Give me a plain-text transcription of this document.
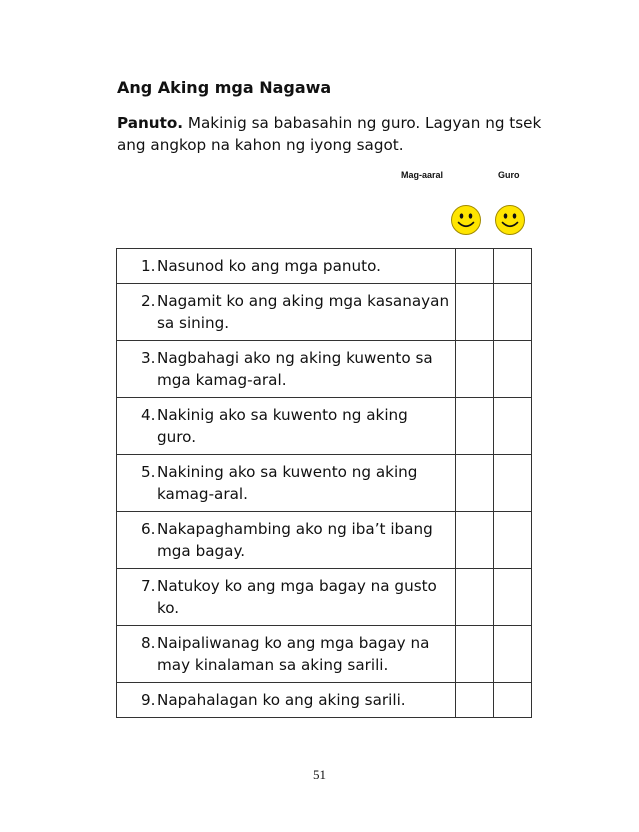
Ang Aking mga Nagawa
Panuto. Makinig sa babasahin ng guro. Lagyan ng tsek ang angkop na kahon ng iyong sagot.
Mag-aaral	Guro
1. Nasunod ko ang mga panuto.		

2. Nagamit ko ang aking mga kasanayan sa sining.		

3. Nagbahagi ako ng aking kuwento sa mga kamag-aral.		

4. Nakinig ako sa kuwento ng aking guro.		

5. Nakining ako sa kuwento ng aking kamag-aral.		

6. Nakapaghambing ako ng iba’t ibang mga bagay.		

7. Natukoy ko ang mga bagay na gusto ko.		

8. Naipaliwanag ko ang mga bagay na may kinalaman sa aking sarili.		

9. Napahalagan ko ang aking sarili.		
51
